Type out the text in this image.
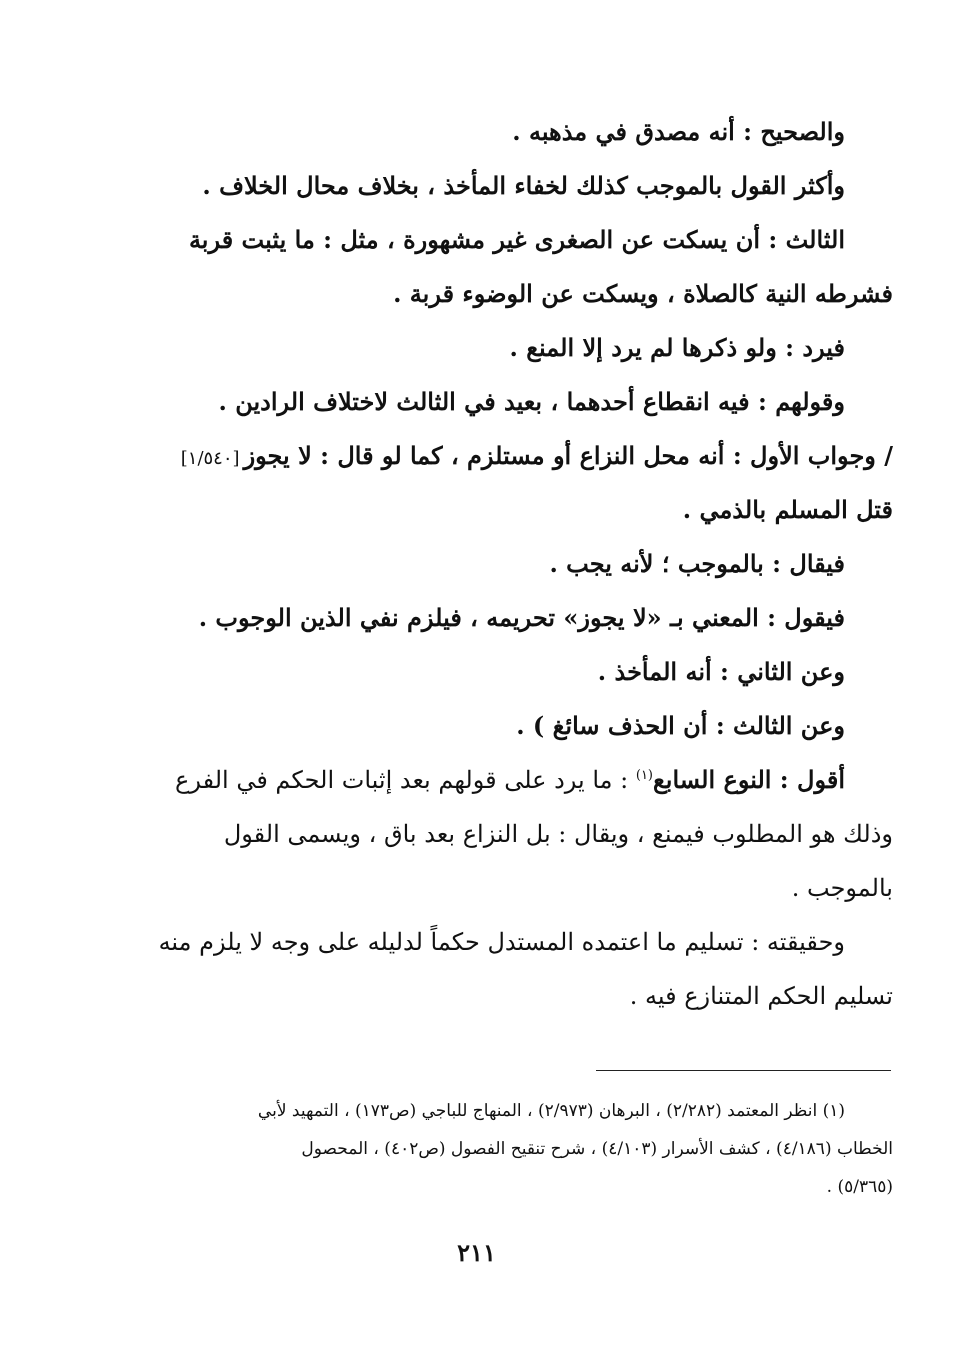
والصحيح : أنه مصدق في مذهبه .
وأكثر القول بالموجب كذلك لخفاء المأخذ ، بخلاف محال الخلاف .
الثالث : أن يسكت عن الصغرى غير مشهورة ، مثل : ما يثبت قربة
فشرطه النية كالصلاة ، ويسكت عن الوضوء قربة .
فيرد : ولو ذكرها لم يرد إلا المنع .
وقولهم : فيه انقطاع أحدهما ، بعيد في الثالث لاختلاف الرادين .
/ وجواب الأول : أنه محل النزاع أو مستلزم ، كما لو قال : لا يجوز[١/٥٤٠]
قتل المسلم بالذمي .
فيقال : بالموجب ؛ لأنه يجب .
فيقول : المعني بـ «لا يجوز» تحريمه ، فيلزم نفي الذين الوجوب .
وعن الثاني : أنه المأخذ .
وعن الثالث : أن الحذف سائغ ) .
أقول : النوع السابع$^{(١)}$ : ما يرد على قولهم بعد إثبات الحكم في الفرع
وذلك هو المطلوب فيمنع ، ويقال : بل النزاع بعد باق ، ويسمى القول
بالموجب .
وحقيقته : تسليم ما اعتمده المستدل حكماً لدليله على وجه لا يلزم منه
تسليم الحكم المتنازع فيه .
(١) انظر المعتمد (٢/٢٨٢) ، البرهان (٢/٩٧٣) ، المنهاج للباجي (ص١٧٣) ، التمهيد لأبي
الخطاب (٤/١٨٦) ، كشف الأسرار (٤/١٠٣) ، شرح تنقيح الفصول (ص٤٠٢) ، المحصول
(٥/٣٦٥) .
٢١١
